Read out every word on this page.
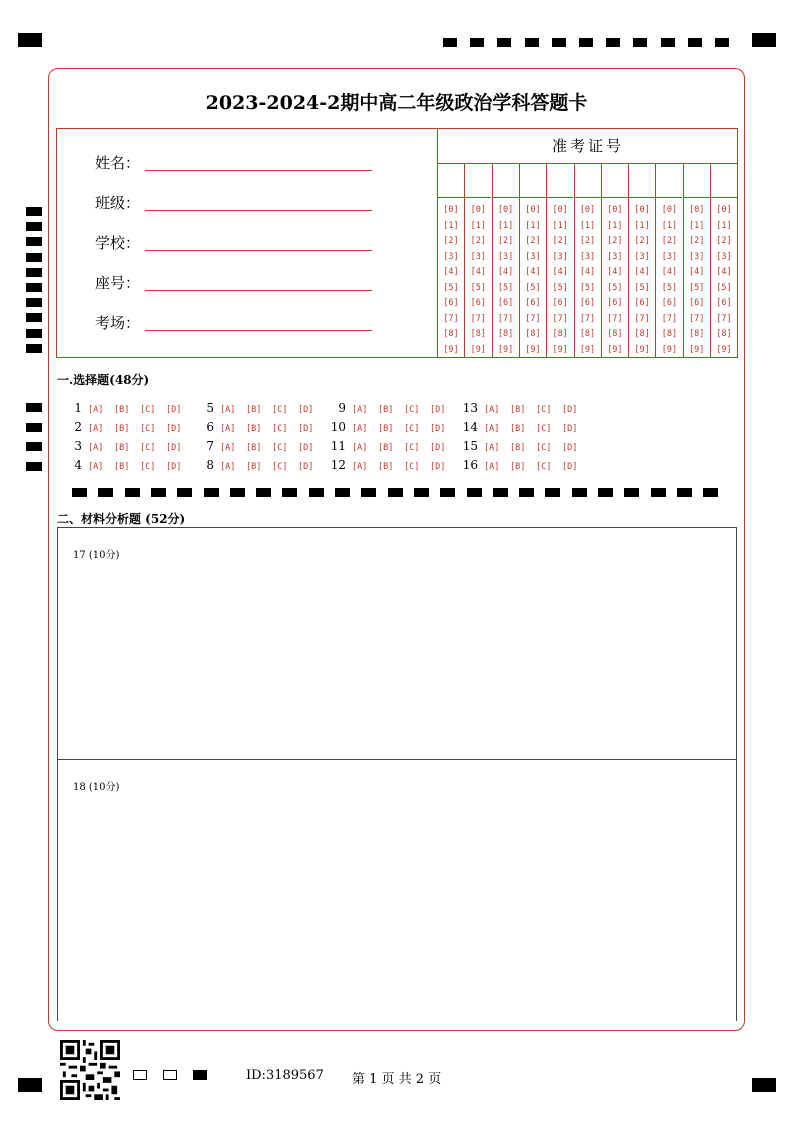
2023-2024-2期中高二年级政治学科答题卡
姓名：
班级：
学校：
座号：
考场：
准考证号
[0]
[1]
[2]
[3]
[4]
[5]
[6]
[7]
[8]
[9]
[0]
[1]
[2]
[3]
[4]
[5]
[6]
[7]
[8]
[9]
[0]
[1]
[2]
[3]
[4]
[5]
[6]
[7]
[8]
[9]
[0]
[1]
[2]
[3]
[4]
[5]
[6]
[7]
[8]
[9]
[0]
[1]
[2]
[3]
[4]
[5]
[6]
[7]
[8]
[9]
[0]
[1]
[2]
[3]
[4]
[5]
[6]
[7]
[8]
[9]
[0]
[1]
[2]
[3]
[4]
[5]
[6]
[7]
[8]
[9]
[0]
[1]
[2]
[3]
[4]
[5]
[6]
[7]
[8]
[9]
[0]
[1]
[2]
[3]
[4]
[5]
[6]
[7]
[8]
[9]
[0]
[1]
[2]
[3]
[4]
[5]
[6]
[7]
[8]
[9]
[0]
[1]
[2]
[3]
[4]
[5]
[6]
[7]
[8]
[9]
一.选择题(48分)
1 [A] [B] [C] [D]
2 [A] [B] [C] [D]
3 [A] [B] [C] [D]
4 [A] [B] [C] [D]
5 [A] [B] [C] [D]
6 [A] [B] [C] [D]
7 [A] [B] [C] [D]
8 [A] [B] [C] [D]
9 [A] [B] [C] [D]
10 [A] [B] [C] [D]
11 [A] [B] [C] [D]
12 [A] [B] [C] [D]
13 [A] [B] [C] [D]
14 [A] [B] [C] [D]
15 [A] [B] [C] [D]
16 [A] [B] [C] [D]
二、材料分析题 (52分)
17 (10分)
18 (10分)
ID:3189567 第 1 页 共 2 页
